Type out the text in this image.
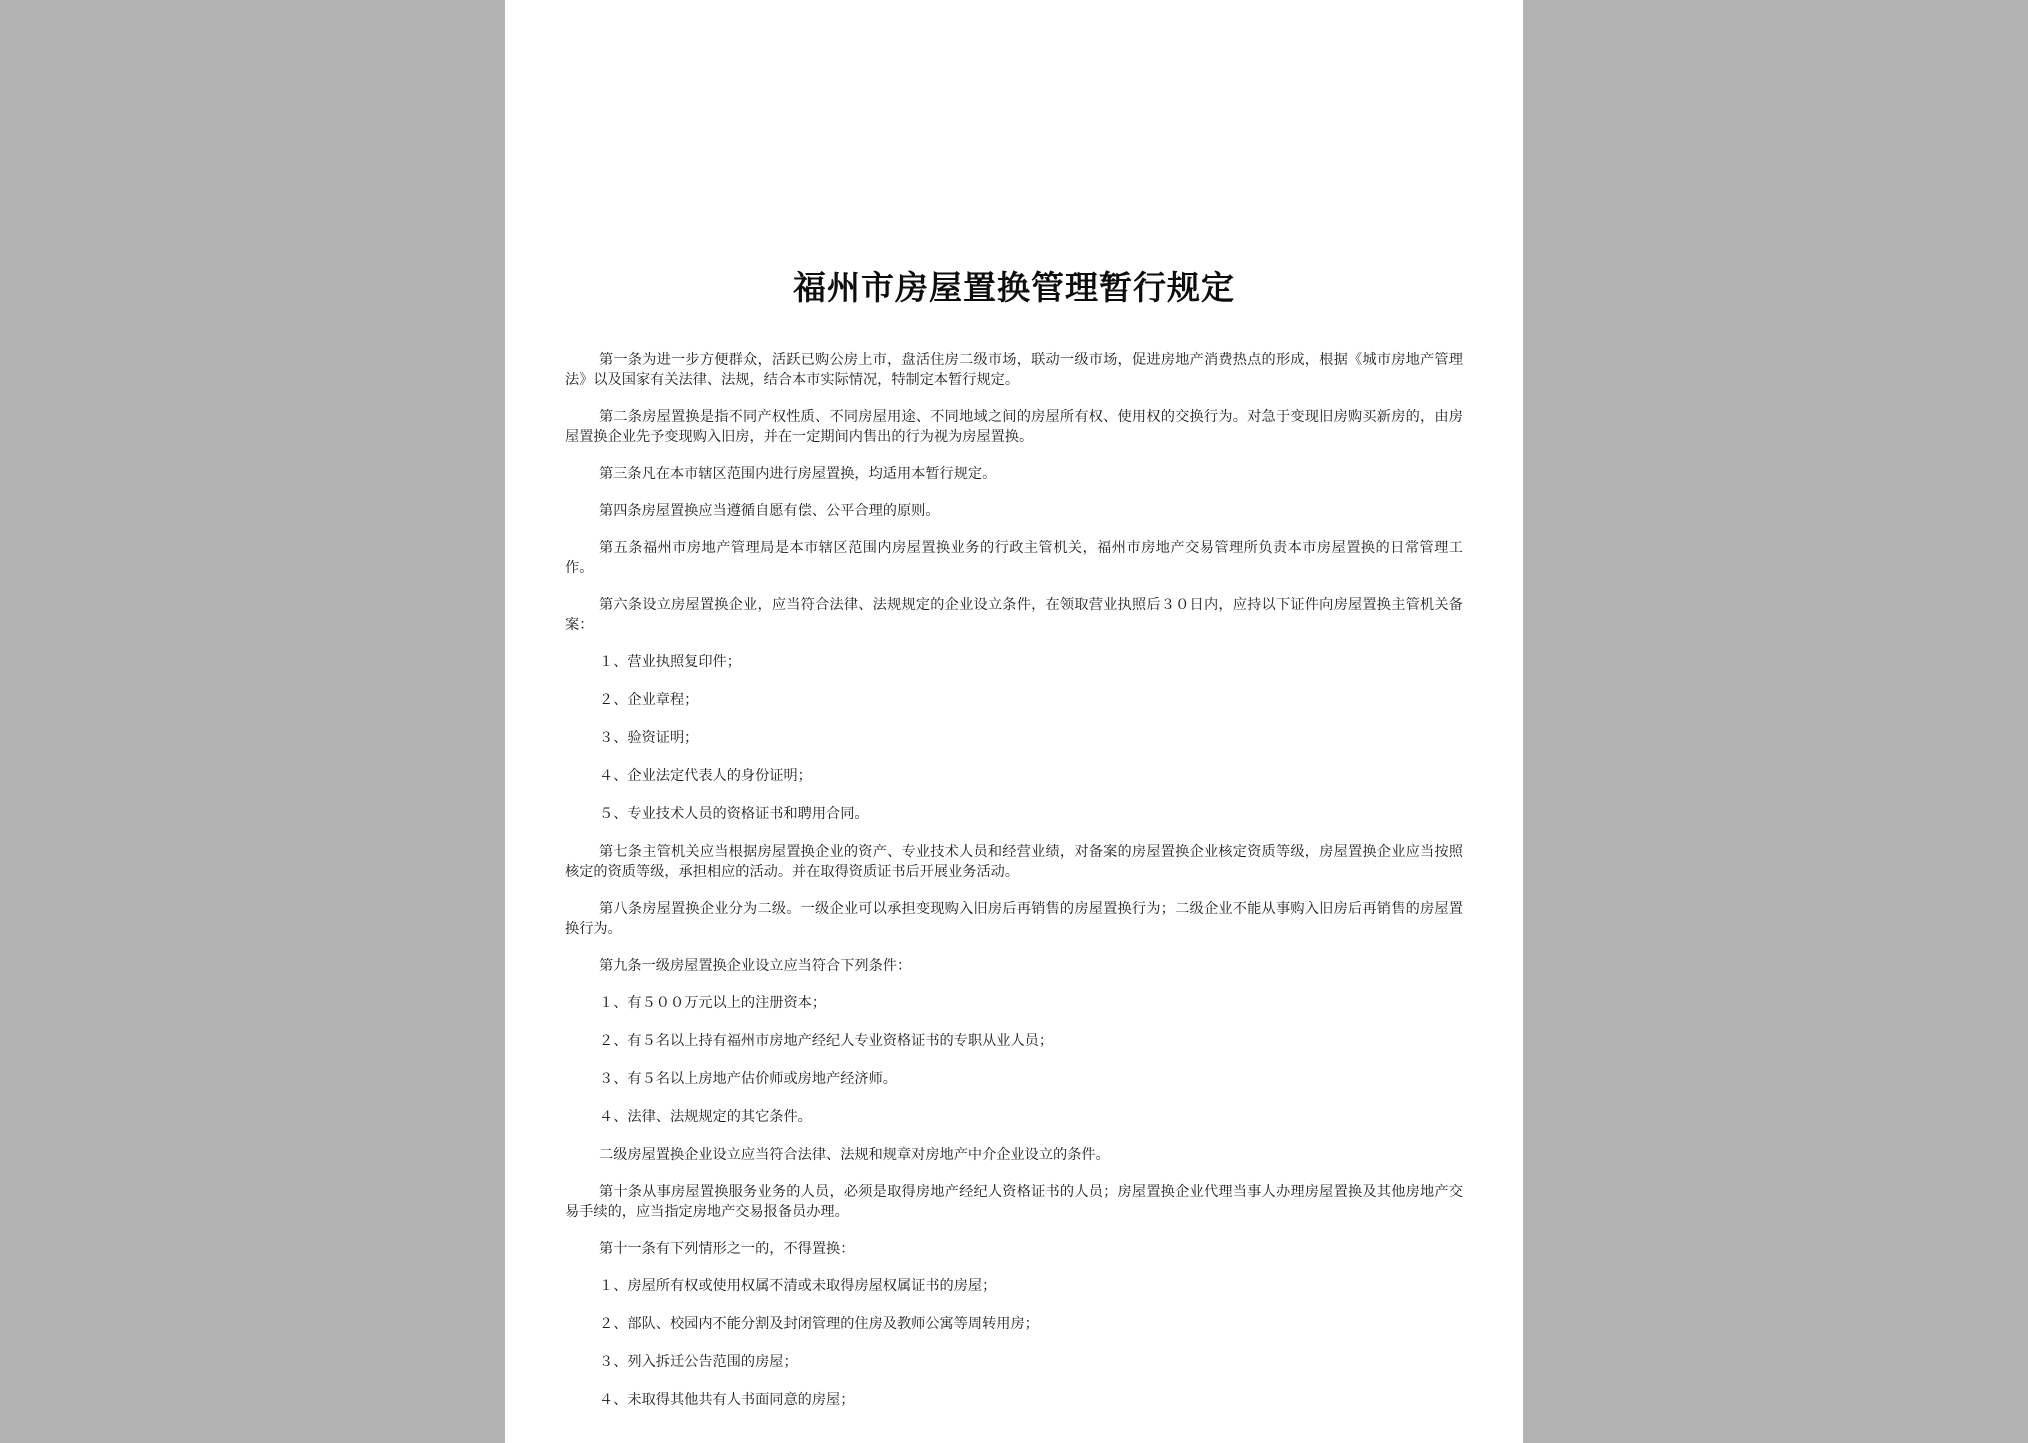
福州市房屋置换管理暂行规定

第一条为进一步方便群众，活跃已购公房上市，盘活住房二级市场，联动一级市场，促进房地产消费热点的形成，根据《城市房地产管理法》以及国家有关法律、法规，结合本市实际情况，特制定本暂行规定。

第二条房屋置换是指不同产权性质、不同房屋用途、不同地域之间的房屋所有权、使用权的交换行为。对急于变现旧房购买新房的，由房屋置换企业先予变现购入旧房，并在一定期间内售出的行为视为房屋置换。

第三条凡在本市辖区范围内进行房屋置换，均适用本暂行规定。

第四条房屋置换应当遵循自愿有偿、公平合理的原则。

第五条福州市房地产管理局是本市辖区范围内房屋置换业务的行政主管机关，福州市房地产交易管理所负责本市房屋置换的日常管理工作。

第六条设立房屋置换企业，应当符合法律、法规规定的企业设立条件，在领取营业执照后３０日内，应持以下证件向房屋置换主管机关备案：

１、营业执照复印件；

２、企业章程；

３、验资证明；

４、企业法定代表人的身份证明；

５、专业技术人员的资格证书和聘用合同。

第七条主管机关应当根据房屋置换企业的资产、专业技术人员和经营业绩，对备案的房屋置换企业核定资质等级，房屋置换企业应当按照核定的资质等级，承担相应的活动。并在取得资质证书后开展业务活动。

第八条房屋置换企业分为二级。一级企业可以承担变现购入旧房后再销售的房屋置换行为；二级企业不能从事购入旧房后再销售的房屋置换行为。

第九条一级房屋置换企业设立应当符合下列条件：

１、有５００万元以上的注册资本；

２、有５名以上持有福州市房地产经纪人专业资格证书的专职从业人员；

３、有５名以上房地产估价师或房地产经济师。

４、法律、法规规定的其它条件。

二级房屋置换企业设立应当符合法律、法规和规章对房地产中介企业设立的条件。

第十条从事房屋置换服务业务的人员，必须是取得房地产经纪人资格证书的人员；房屋置换企业代理当事人办理房屋置换及其他房地产交易手续的，应当指定房地产交易报备员办理。

第十一条有下列情形之一的，不得置换：

１、房屋所有权或使用权属不清或未取得房屋权属证书的房屋；

２、部队、校园内不能分割及封闭管理的住房及教师公寓等周转用房；

３、列入拆迁公告范围的房屋；

４、未取得其他共有人书面同意的房屋；
